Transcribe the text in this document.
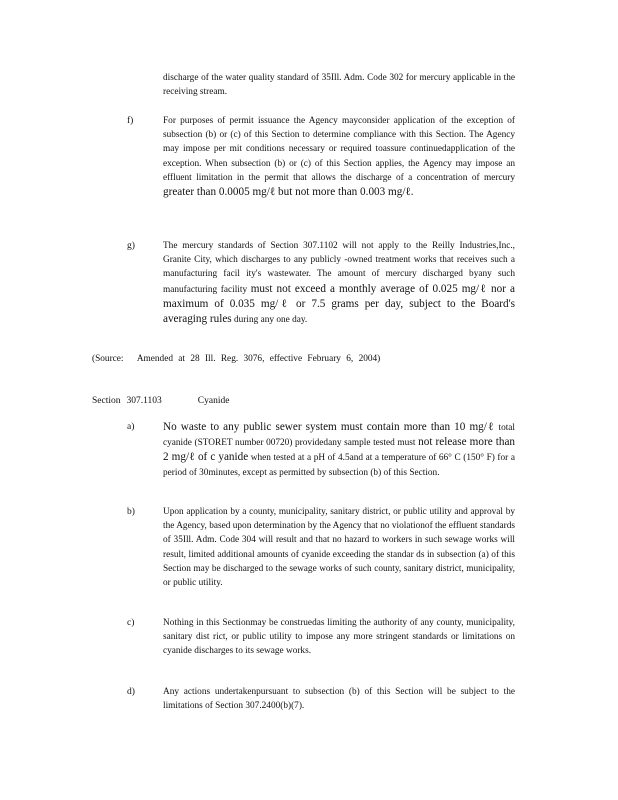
discharge of the water quality standard of 35Ill. Adm. Code 302 for mercury applicable in the receiving stream.

f)	For purposes of permit issuance the Agency mayconsider application of the exception of subsection (b) or (c) of this Section to determine compliance with this Section. The Agency may impose per mit conditions necessary or required toassure continuedapplication of the exception. When subsection (b) or (c) of this Section applies, the Agency may impose an effluent limitation in the permit that allows the discharge of a concentration of mercury greater than 0.0005 mg/ℓ but not more than 0.003 mg/ℓ.

g)	The mercury standards of Section 307.1102 will not apply to the Reilly Industries,Inc., Granite City, which discharges to any publicly -owned treatment works that receives such a manufacturing facil ity's wastewater. The amount of mercury discharged byany such manufacturing facility must not exceed a monthly average of 0.025 mg/ℓ nor a maximum of 0.035 mg/ℓ or 7.5 grams per day, subject to the Board's averaging rules during any one day.

(Source: Amended at 28 Ill. Reg. 3076, effective February 6, 2004)

Section 307.1103	Cyanide

a)	No waste to any public sewer system must contain more than 10 mg/ℓ total cyanide (STORET number 00720) providedany sample tested must not release more than 2 mg/ℓ of c yanide when tested at a pH of 4.5and at a temperature of 66° C (150° F) for a period of 30minutes, except as permitted by subsection (b) of this Section.

b)	Upon application by a county, municipality, sanitary district, or public utility and approval by the Agency, based upon determination by the Agency that no violationof the effluent standards of 35Ill. Adm. Code 304 will result and that no hazard to workers in such sewage works will result, limited additional amounts of cyanide exceeding the standar ds in subsection (a) of this Section may be discharged to the sewage works of such county, sanitary district, municipality, or public utility.

c)	Nothing in this Sectionmay be construedas limiting the authority of any county, municipality, sanitary dist rict, or public utility to impose any more stringent standards or limitations on cyanide discharges to its sewage works.

d)	Any actions undertakenpursuant to subsection (b) of this Section will be subject to the limitations of Section 307.2400(b)(7).
